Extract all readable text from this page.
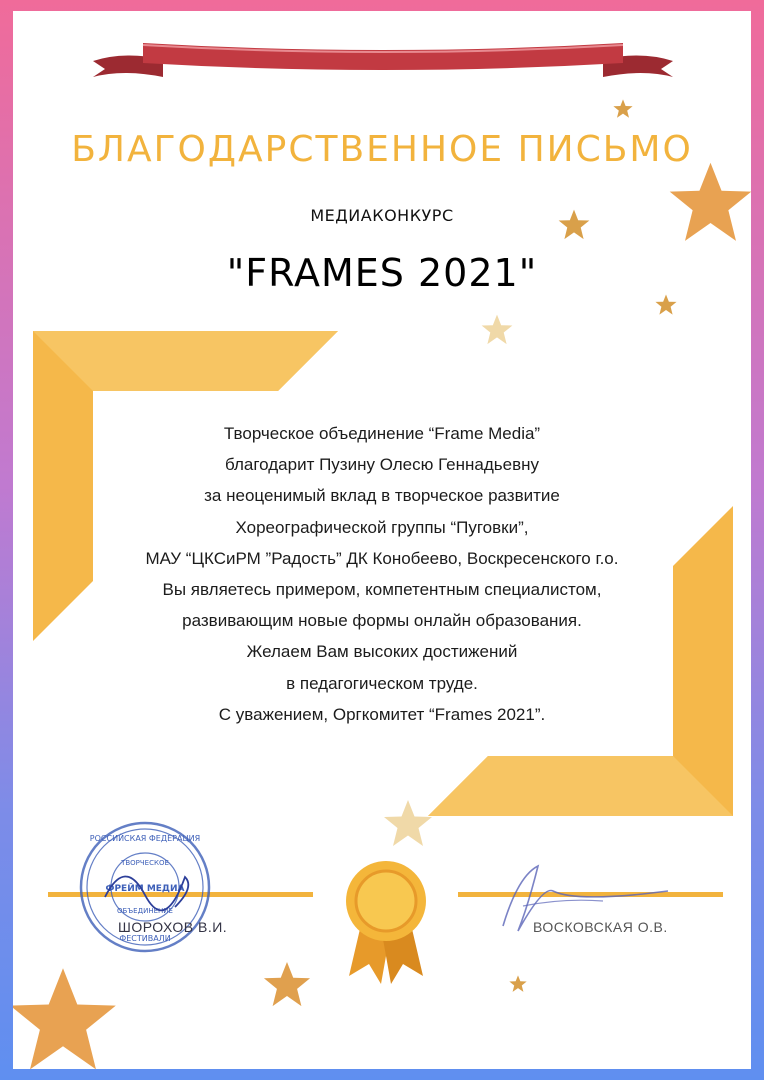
БЛАГОДАРСТВЕННОЕ ПИСЬМО
МЕДИАКОНКУРС
"FRAMES 2021"
Творческое объединение “Frame Media”
благодарит Пузину Олесю Геннадьевну
за неоценимый вклад в творческое развитие
Хореографической группы “Пуговки”,
МАУ “ЦКСиРМ ”Радость” ДК Конобеево, Воскресенского г.о.
Вы являетесь примером, компетентным специалистом,
развивающим новые формы онлайн образования.
Желаем Вам высоких достижений
в педагогическом труде.
С уважением, Оргкомитет “Frames 2021”.
РОССИЙСКАЯ ФЕДЕРАЦИЯ
ТВОРЧЕСКОЕ
ФРЕЙМ МЕДИА
ОБЪЕДИНЕНИЕ
ФЕСТИВАЛИ
ШОРОХОВ В.И.	ВОСКОВСКАЯ О.В.
